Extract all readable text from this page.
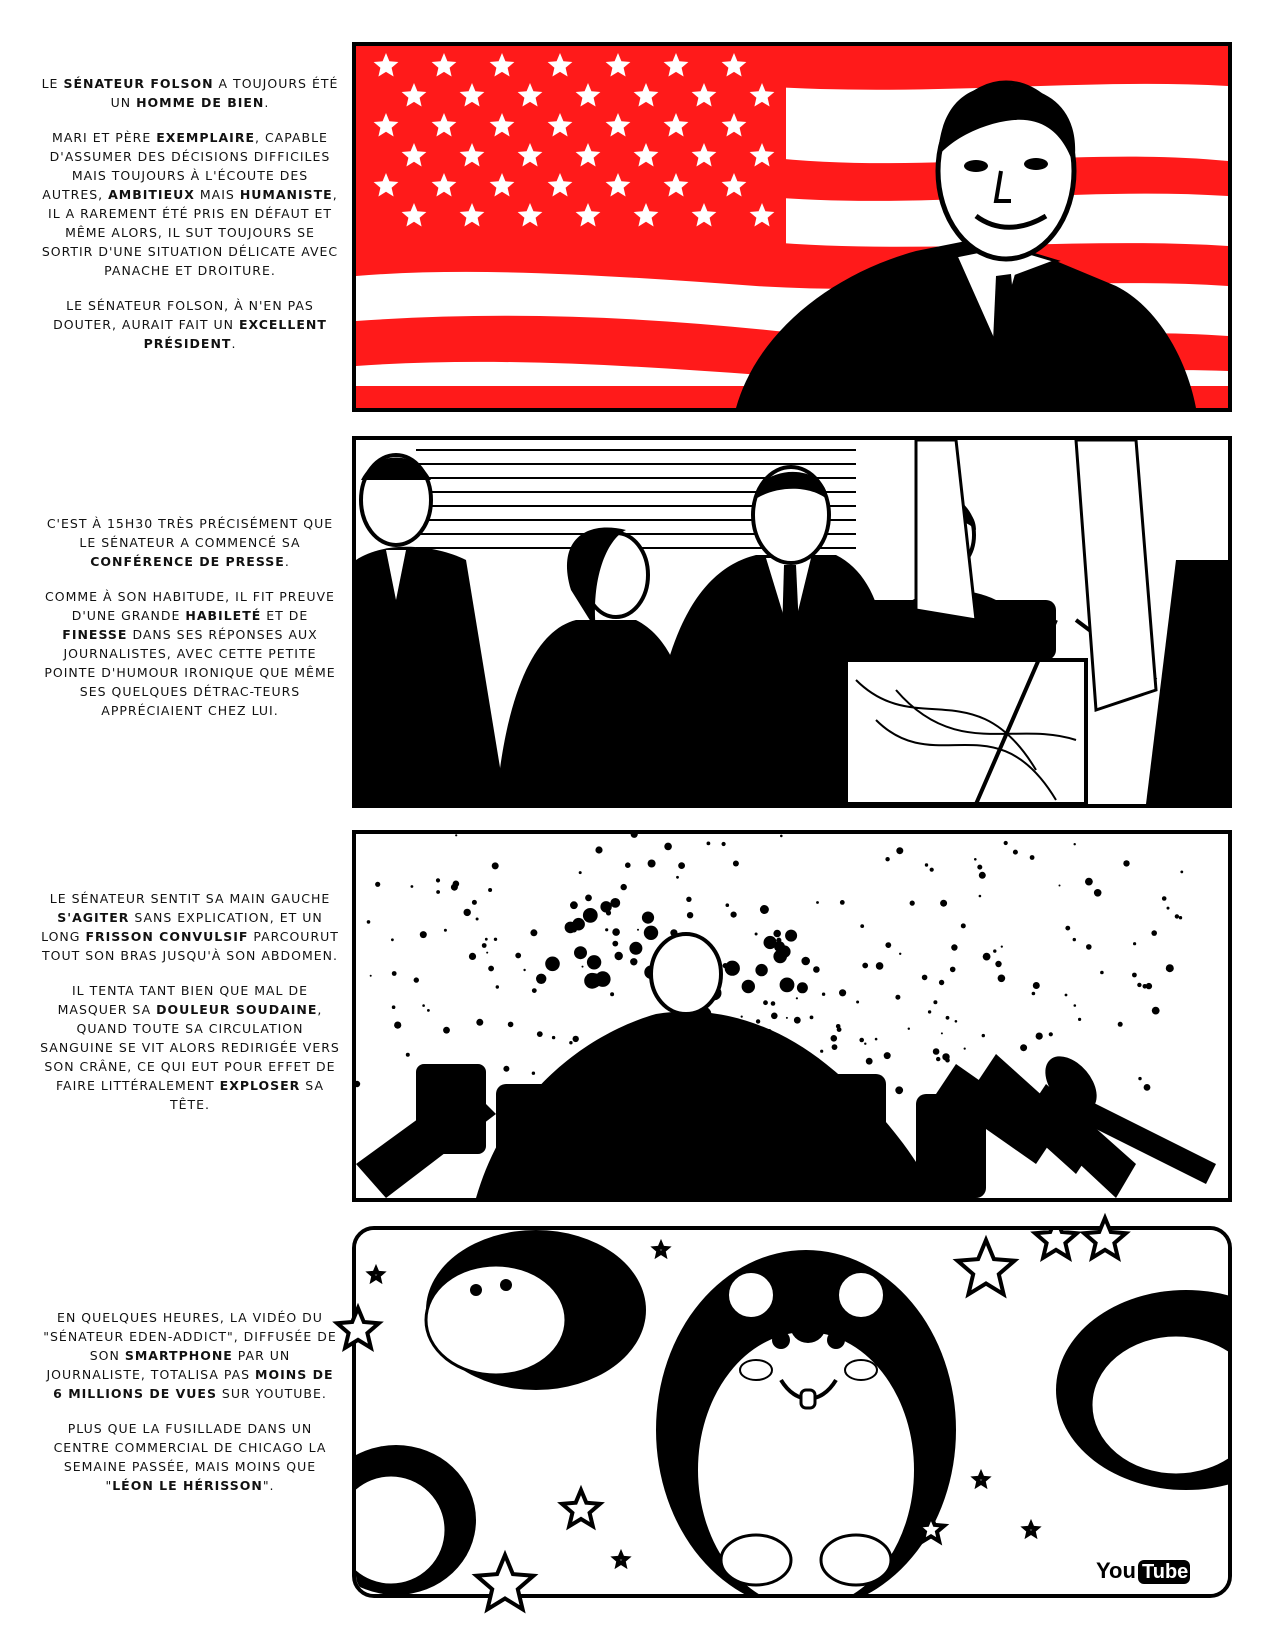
LE SÉNATEUR FOLSON A TOUJOURS ÉTÉ UN HOMME DE BIEN.

MARI ET PÈRE EXEMPLAIRE, CAPABLE D'ASSUMER DES DÉCISIONS DIFFICILES MAIS TOUJOURS À L'ÉCOUTE DES AUTRES, AMBITIEUX MAIS HUMANISTE, IL A RAREMENT ÉTÉ PRIS EN DÉFAUT ET MÊME ALORS, IL SUT TOUJOURS SE SORTIR D'UNE SITUATION DÉLICATE AVEC PANACHE ET DROITURE.

LE SÉNATEUR FOLSON, À N'EN PAS DOUTER, AURAIT FAIT UN EXCELLENT PRÉSIDENT.

C'EST À 15H30 TRÈS PRÉCISÉMENT QUE LE SÉNATEUR A COMMENCÉ SA CONFÉRENCE DE PRESSE.

COMME À SON HABITUDE, IL FIT PREUVE D'UNE GRANDE HABILETÉ ET DE FINESSE DANS SES RÉPONSES AUX JOURNALISTES, AVEC CETTE PETITE POINTE D'HUMOUR IRONIQUE QUE MÊME SES QUELQUES DÉTRAC-TEURS APPRÉCIAIENT CHEZ LUI.

LE SÉNATEUR SENTIT SA MAIN GAUCHE S'AGITER SANS EXPLICATION, ET UN LONG FRISSON CONVULSIF PARCOURUT TOUT SON BRAS JUSQU'À SON ABDOMEN.

IL TENTA TANT BIEN QUE MAL DE MASQUER SA DOULEUR SOUDAINE, QUAND TOUTE SA CIRCULATION SANGUINE SE VIT ALORS REDIRIGÉE VERS SON CRÂNE, CE QUI EUT POUR EFFET DE FAIRE LITTÉRALEMENT EXPLOSER SA TÊTE.

EN QUELQUES HEURES, LA VIDÉO DU "SÉNATEUR EDEN-ADDICT", DIFFUSÉE DE SON SMARTPHONE PAR UN JOURNALISTE, TOTALISA PAS MOINS DE 6 MILLIONS DE VUES SUR YOUTUBE.

PLUS QUE LA FUSILLADE DANS UN CENTRE COMMERCIAL DE CHICAGO LA SEMAINE PASSÉE, MAIS MOINS QUE "LÉON LE HÉRISSON".

You Tube
